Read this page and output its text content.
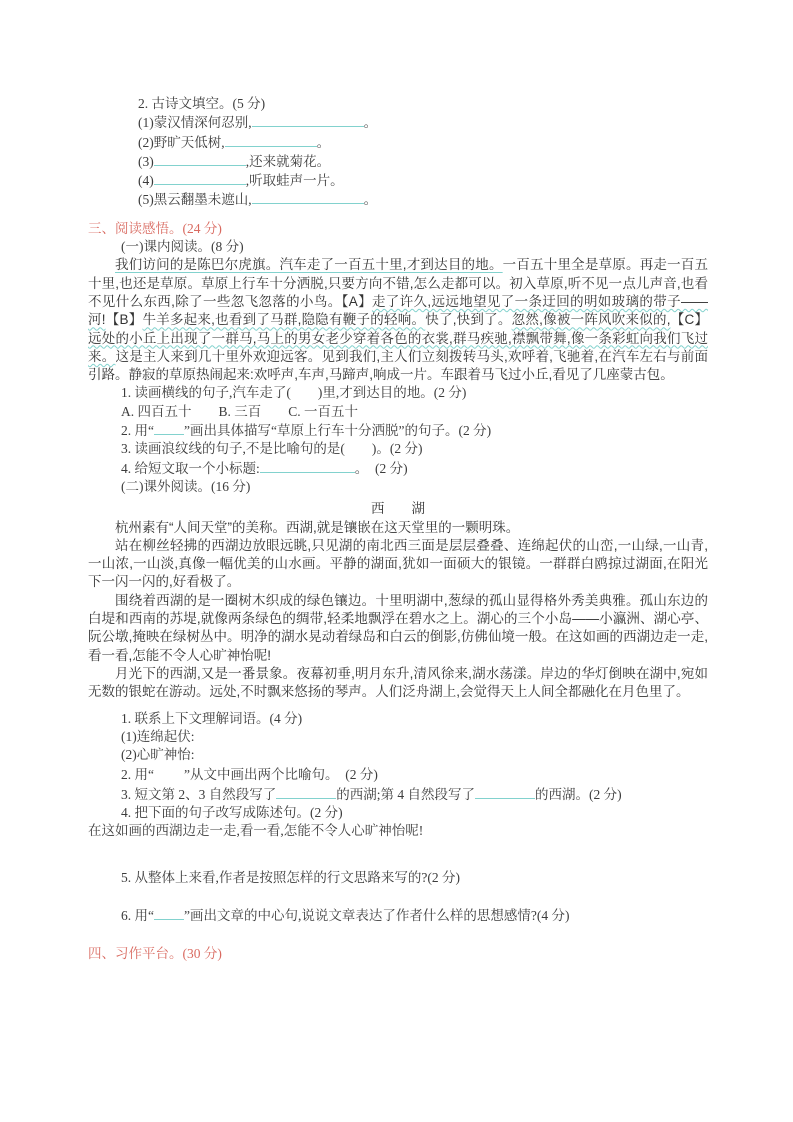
2. 古诗文填空。(5 分)
(1)蒙汉情深何忍别,	。
(2)野旷天低树,	。
(3)	,还来就菊花。
(4)	,听取蛙声一片。
(5)黑云翻墨未遮山,	。
三、阅读感悟。(24 分)
(一)课内阅读。(8 分)
我们访问的是陈巴尔虎旗。汽车走了一百五十里,才到达目的地。一百五十里全是草原。再走一百五十里,也还是草原。草原上行车十分洒脱,只要方向不错,怎么走都可以。初入草原,听不见一点儿声音,也看不见什么东西,除了一些忽飞忽落的小鸟。【A】走了许久,远远地望见了一条迂回的明如玻璃的带子——河!【B】牛羊多起来,也看到了马群,隐隐有鞭子的轻响。快了,快到了。忽然,像被一阵风吹来似的,【C】远处的小丘上出现了一群马,马上的男女老少穿着各色的衣裳,群马疾驰,襟飘带舞,像一条彩虹向我们飞过来。这是主人来到几十里外欢迎远客。见到我们,主人们立刻拨转马头,欢呼着,飞驰着,在汽车左右与前面引路。静寂的草原热闹起来:欢呼声,车声,马蹄声,响成一片。车跟着马飞过小丘,看见了几座蒙古包。
1. 读画横线的句子,汽车走了(　　)里,才到达目的地。(2 分)
A. 四百五十　　B. 三百　　C. 一百五十
2. 用“ ”画出具体描写“草原上行车十分洒脱”的句子。(2 分)
3. 读画浪纹线的句子,不是比喻句的是(　　)。(2 分)
4. 给短文取一个小标题:	。　(2 分)
(二)课外阅读。(16 分)
西　　湖
杭州素有“人间天堂”的美称。西湖,就是镶嵌在这天堂里的一颗明珠。
站在柳丝轻拂的西湖边放眼远眺,只见湖的南北西三面是层层叠叠、连绵起伏的山峦,一山绿,一山青,一山浓,一山淡,真像一幅优美的山水画。平静的湖面,犹如一面硕大的银镜。一群群白鸥掠过湖面,在阳光下一闪一闪的,好看极了。
围绕着西湖的是一圈树木织成的绿色镶边。十里明湖中,葱绿的孤山显得格外秀美典雅。孤山东边的白堤和西南的苏堤,就像两条绿色的绸带,轻柔地飘浮在碧水之上。湖心的三个小岛——小瀛洲、湖心亭、阮公墩,掩映在绿树丛中。明净的湖水晃动着绿岛和白云的倒影,仿佛仙境一般。在这如画的西湖边走一走,看一看,怎能不令人心旷神怡呢!
月光下的西湖,又是一番景象。夜幕初垂,明月东升,清风徐来,湖水荡漾。岸边的华灯倒映在湖中,宛如无数的银蛇在游动。远处,不时飘来悠扬的琴声。人们泛舟湖上,会觉得天上人间全都融化在月色里了。
1. 联系上下文理解词语。(4 分)
(1)连绵起伏:
(2)心旷神怡:
2. 用“ ”从文中画出两个比喻句。　(2 分)
3. 短文第 2、3 自然段写了	的西湖;第 4 自然段写了	的西湖。(2 分)
4. 把下面的句子改写成陈述句。(2 分)
在这如画的西湖边走一走,看一看,怎能不令人心旷神怡呢!
5. 从整体上来看,作者是按照怎样的行文思路来写的?(2 分)
6. 用“ ”画出文章的中心句,说说文章表达了作者什么样的思想感情?(4 分)
四、习作平台。(30 分)
